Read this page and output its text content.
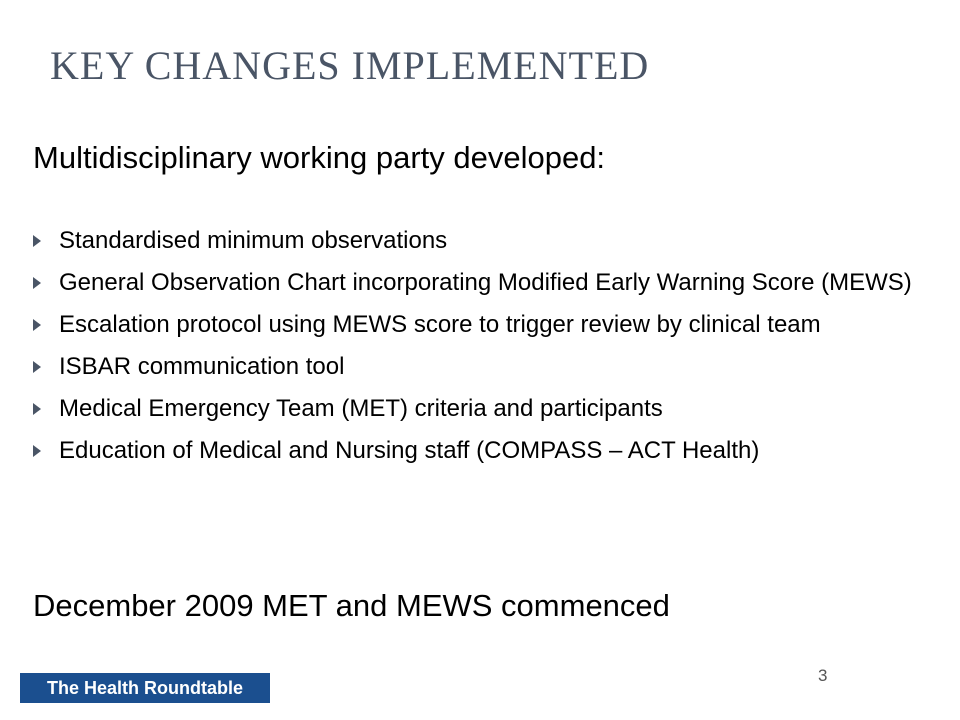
KEY CHANGES IMPLEMENTED
Multidisciplinary working party developed:
Standardised minimum observations
General Observation Chart incorporating Modified Early Warning Score (MEWS)
Escalation protocol using MEWS score to trigger review by clinical team
ISBAR communication tool
Medical Emergency Team (MET) criteria and participants
Education of Medical and Nursing staff (COMPASS – ACT Health)
December 2009 MET and MEWS commenced
The Health Roundtable
3
